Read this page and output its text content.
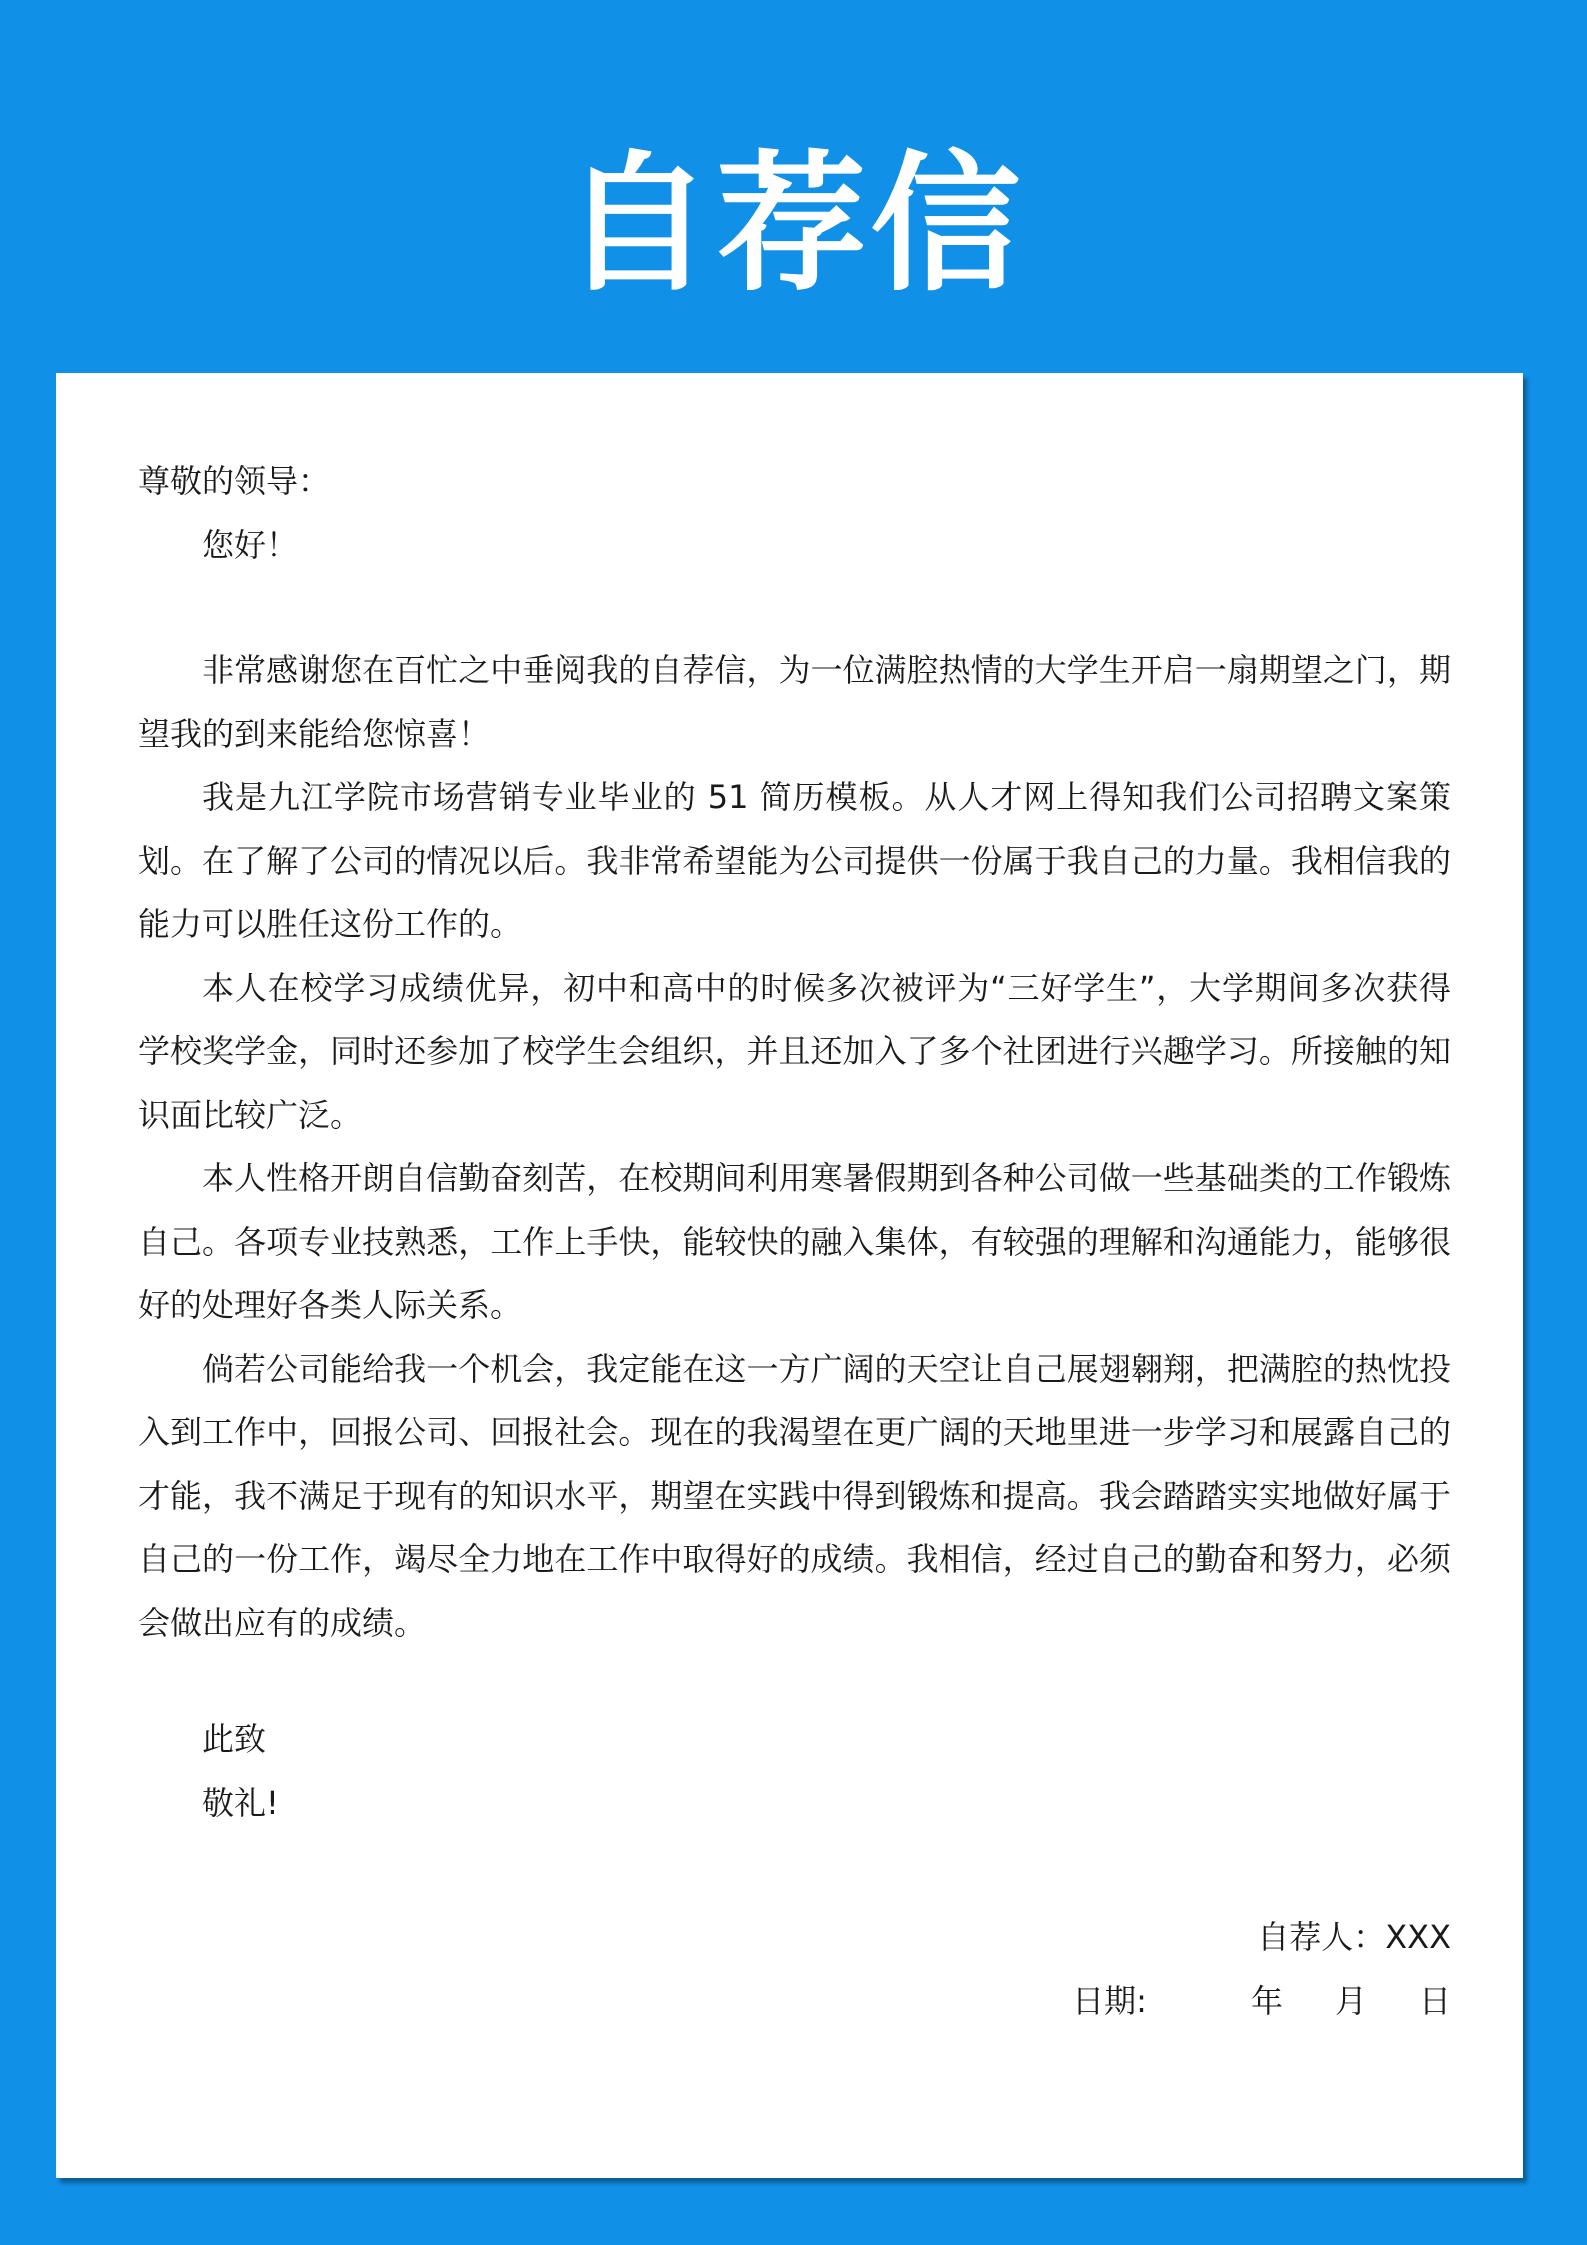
自荐信
尊敬的领导：
您好！

非常感谢您在百忙之中垂阅我的自荐信，为一位满腔热情的大学生开启一扇期望之门，期望我的到来能给您惊喜！

我是九江学院市场营销专业毕业的 51 简历模板。从人才网上得知我们公司招聘文案策划。在了解了公司的情况以后。我非常希望能为公司提供一份属于我自己的力量。我相信我的能力可以胜任这份工作的。

本人在校学习成绩优异，初中和高中的时候多次被评为“三好学生”，大学期间多次获得学校奖学金，同时还参加了校学生会组织，并且还加入了多个社团进行兴趣学习。所接触的知识面比较广泛。

本人性格开朗自信勤奋刻苦，在校期间利用寒暑假期到各种公司做一些基础类的工作锻炼自己。各项专业技熟悉，工作上手快，能较快的融入集体，有较强的理解和沟通能力，能够很好的处理好各类人际关系。

倘若公司能给我一个机会，我定能在这一方广阔的天空让自己展翅翱翔，把满腔的热忱投入到工作中，回报公司、回报社会。现在的我渴望在更广阔的天地里进一步学习和展露自己的才能，我不满足于现有的知识水平，期望在实践中得到锻炼和提高。我会踏踏实实地做好属于自己的一份工作，竭尽全力地在工作中取得好的成绩。我相信，经过自己的勤奋和努力，必须会做出应有的成绩。

此致
敬礼!
自荐人：XXX
日期:	年 月 日
